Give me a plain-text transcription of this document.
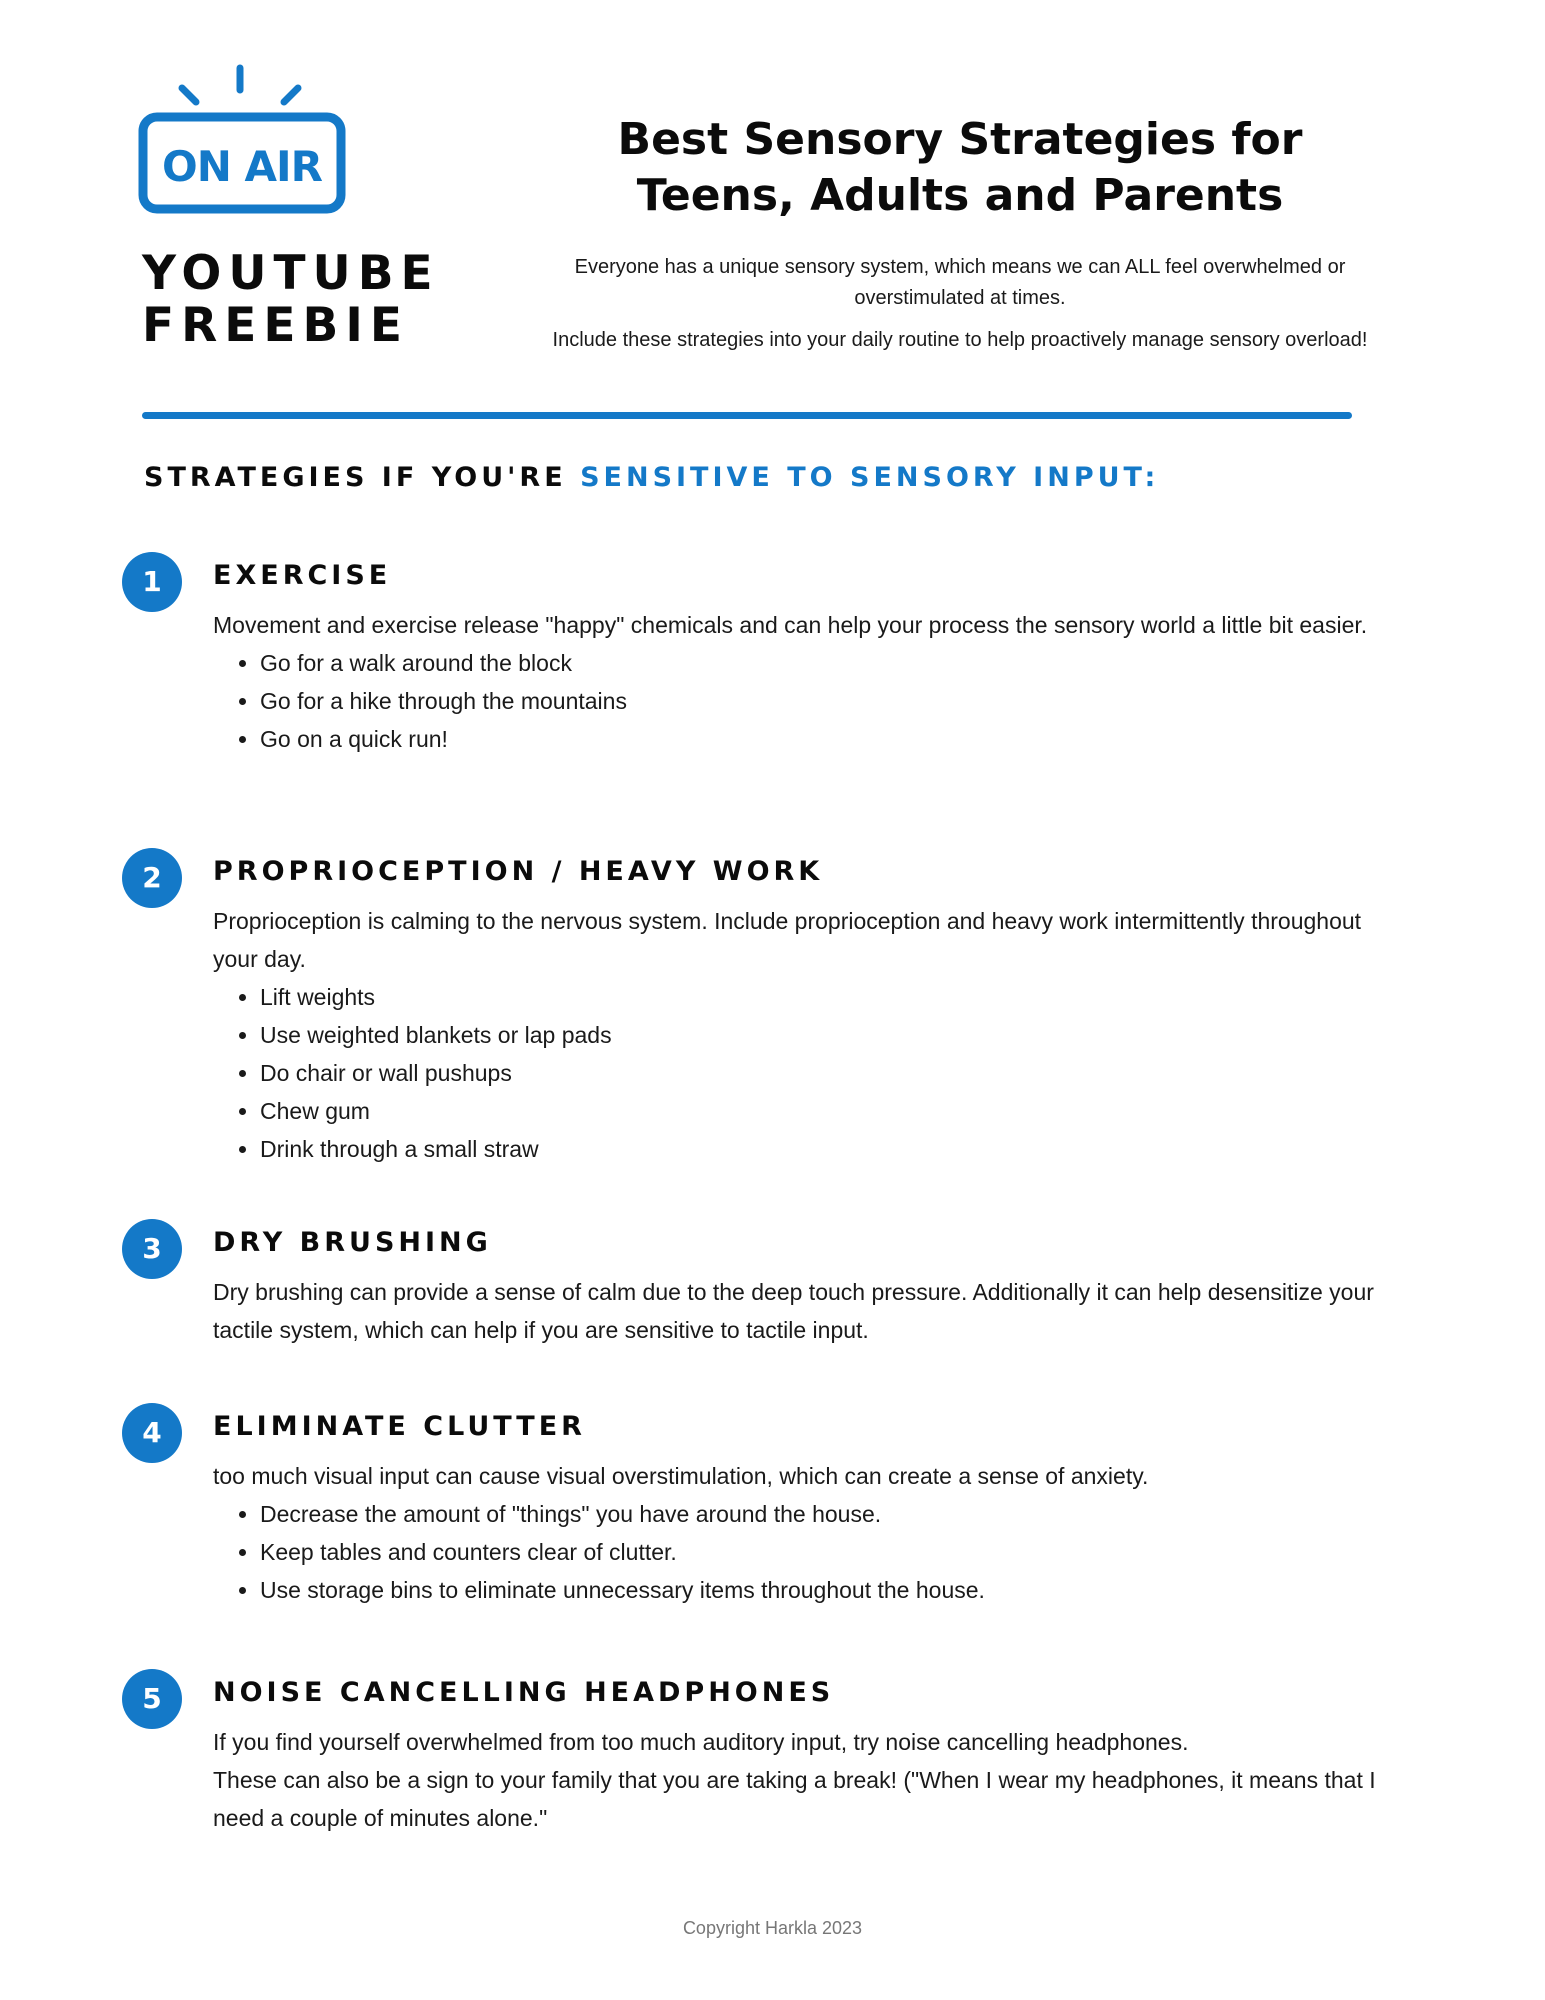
ON AIR
YOUTUBE
FREEBIE
Best Sensory Strategies for
Teens, Adults and Parents

Everyone has a unique sensory system, which means we can ALL feel overwhelmed or overstimulated at times.

Include these strategies into your daily routine to help proactively manage sensory overload!

STRATEGIES IF YOU'RE SENSITIVE TO SENSORY INPUT:
1	EXERCISE

Movement and exercise release "happy" chemicals and can help your process the sensory world a little bit easier.

• Go for a walk around the block
• Go for a hike through the mountains
• Go on a quick run!
2	PROPRIOCEPTION / HEAVY WORK

Proprioception is calming to the nervous system. Include proprioception and heavy work intermittently throughout your day.

• Lift weights
• Use weighted blankets or lap pads
• Do chair or wall pushups
• Chew gum
• Drink through a small straw
3	DRY BRUSHING

Dry brushing can provide a sense of calm due to the deep touch pressure. Additionally it can help desensitize your tactile system, which can help if you are sensitive to tactile input.

4	ELIMINATE CLUTTER

too much visual input can cause visual overstimulation, which can create a sense of anxiety.

• Decrease the amount of "things" you have around the house.
• Keep tables and counters clear of clutter.
• Use storage bins to eliminate unnecessary items throughout the house.
5	NOISE CANCELLING HEADPHONES

If you find yourself overwhelmed from too much auditory input, try noise cancelling headphones.

These can also be a sign to your family that you are taking a break! ("When I wear my headphones, it means that I need a couple of minutes alone."

Copyright Harkla 2023
